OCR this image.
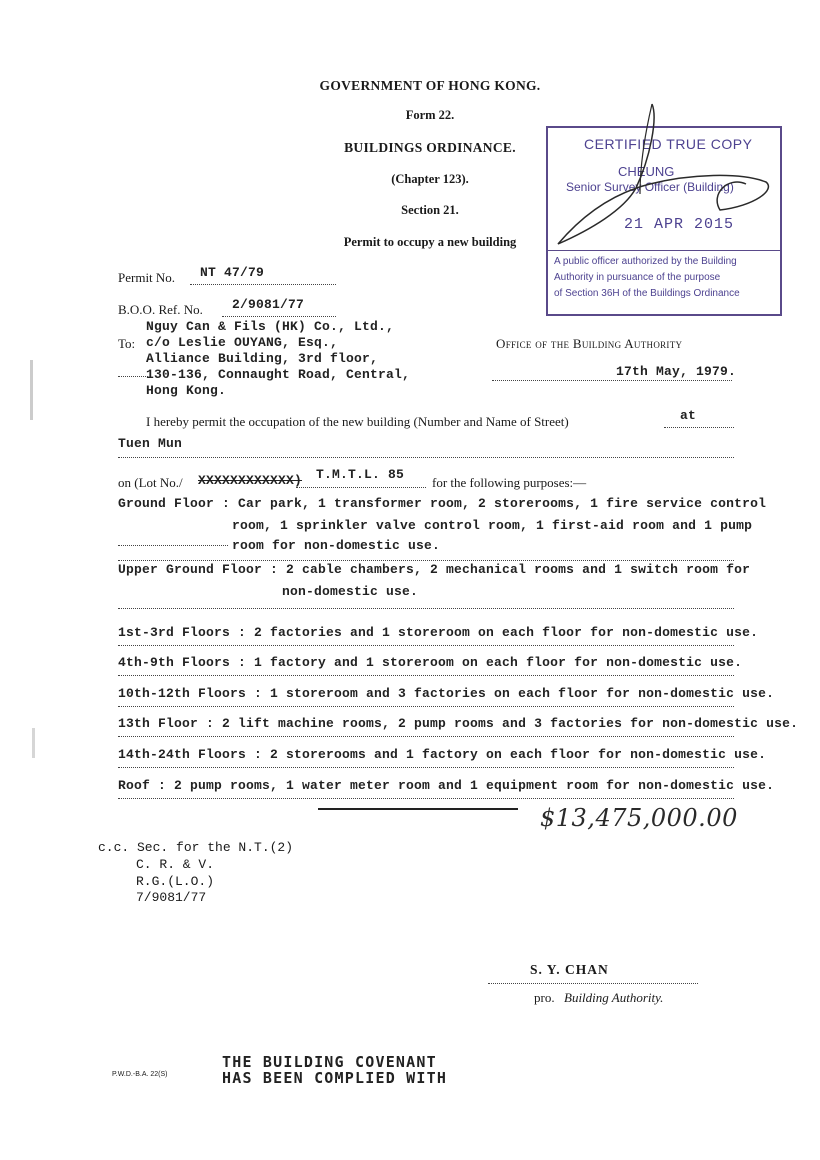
GOVERNMENT OF HONG KONG.
Form 22.
BUILDINGS ORDINANCE.
(Chapter 123).
Section 21.
Permit to occupy a new building
CERTIFIED TRUE COPY
CHEUNG
Senior Survey Officer (Building)
21 APR 2015
A public officer authorized by the Building
Authority in pursuance of the purpose
of Section 36H of the Buildings Ordinance
Permit No. NT 47/79
B.O.O. Ref. No. 2/9081/77
To:
Nguy Can & Fils (HK) Co., Ltd.,
c/o Leslie OUYANG, Esq.,
Alliance Building, 3rd floor,
130-136, Connaught Road, Central,
Hong Kong.
Office of the Building Authority
17th May, 1979.
I hereby permit the occupation of the new building (Number and Name of Street)	at
Tuen Mun
on (Lot No./ XXXXXXXXXXXX) T.M.T.L. 85
for the following purposes:—
Ground Floor : Car park, 1 transformer room, 2 storerooms, 1 fire service control
room, 1 sprinkler valve control room, 1 first-aid room and 1 pump
room for non-domestic use.
Upper Ground Floor : 2 cable chambers, 2 mechanical rooms and 1 switch room for
non-domestic use.
1st-3rd Floors : 2 factories and 1 storeroom on each floor for non-domestic use.
4th-9th Floors : 1 factory and 1 storeroom on each floor for non-domestic use.
10th-12th Floors : 1 storeroom and 3 factories on each floor for non-domestic use.
13th Floor : 2 lift machine rooms, 2 pump rooms and 3 factories for non-domestic use.
14th-24th Floors : 2 storerooms and 1 factory on each floor for non-domestic use.
Roof : 2 pump rooms, 1 water meter room and 1 equipment room for non-domestic use.
$13,475,000.00
c.c. Sec. for the N.T.(2)
C. R. & V.
R.G.(L.O.)
7/9081/77
S. Y. CHAN
pro. Building Authority.
P.W.D.-B.A. 22(S)
THE BUILDING COVENANT
HAS BEEN COMPLIED WITH
